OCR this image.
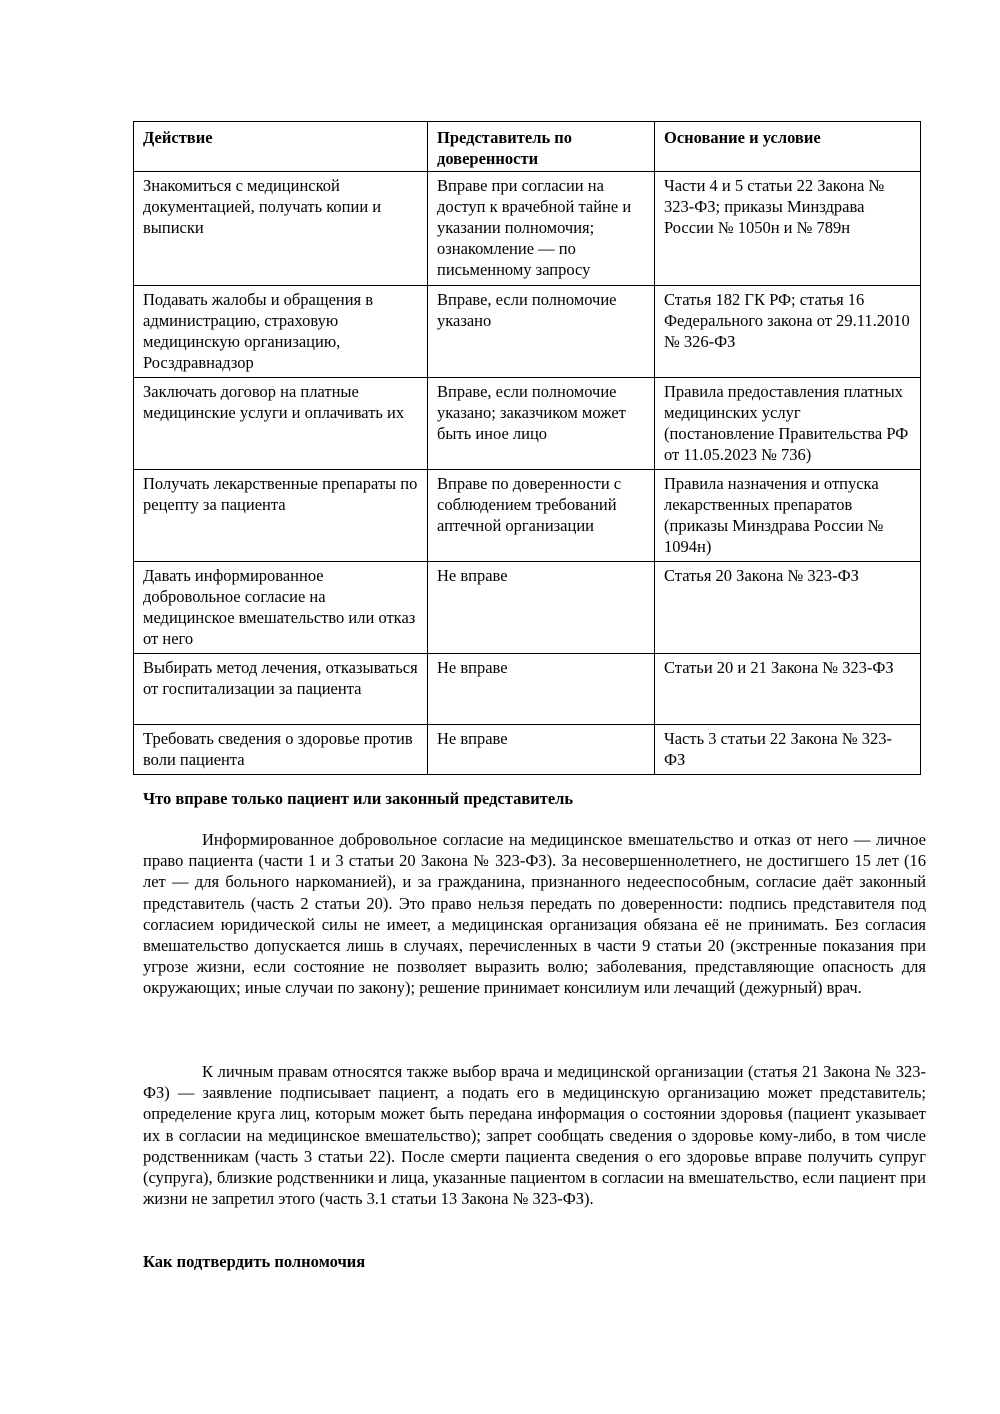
Действие	Представитель по доверенности	Основание и условие
Знакомиться с медицинской документацией, получать копии и выписки	Вправе при согласии на доступ к врачебной тайне и указании полномочия; ознакомление — по письменному запросу	Части 4 и 5 статьи 22 Закона № 323-ФЗ; приказы Минздрава России № 1050н и № 789н
Подавать жалобы и обращения в администрацию, страховую медицинскую организацию, Росздравнадзор	Вправе, если полномочие указано	Статья 182 ГК РФ; статья 16 Федерального закона от 29.11.2010 № 326-ФЗ
Заключать договор на платные медицинские услуги и оплачивать их	Вправе, если полномочие указано; заказчиком может быть иное лицо	Правила предоставления платных медицинских услуг (постановление Правительства РФ от 11.05.2023 № 736)
Получать лекарственные препараты по рецепту за пациента	Вправе по доверенности с соблюдением требований аптечной организации	Правила назначения и отпуска лекарственных препаратов (приказы Минздрава России № 1094н)
Давать информированное добровольное согласие на медицинское вмешательство или отказ от него	Не вправе	Статья 20 Закона № 323-ФЗ
Выбирать метод лечения, отказываться от госпитализации за пациента	Не вправе	Статьи 20 и 21 Закона № 323-ФЗ
Требовать сведения о здоровье против воли пациента	Не вправе	Часть 3 статьи 22 Закона № 323-ФЗ
Что вправе только пациент или законный представитель

Информированное добровольное согласие на медицинское вмешательство и отказ от него — личное право пациента (части 1 и 3 статьи 20 Закона № 323-ФЗ). За несовершеннолетнего, не достигшего 15 лет (16 лет — для больного наркоманией), и за гражданина, признанного недееспособным, согласие даёт законный представитель (часть 2 статьи 20). Это право нельзя передать по доверенности: подпись представителя под согласием юридической силы не имеет, а медицинская организация обязана её не принимать. Без согласия вмешательство допускается лишь в случаях, перечисленных в части 9 статьи 20 (экстренные показания при угрозе жизни, если состояние не позволяет выразить волю; заболевания, представляющие опасность для окружающих; иные случаи по закону); решение принимает консилиум или лечащий (дежурный) врач.

К личным правам относятся также выбор врача и медицинской организации (статья 21 Закона № 323-ФЗ) — заявление подписывает пациент, а подать его в медицинскую организацию может представитель; определение круга лиц, которым может быть передана информация о состоянии здоровья (пациент указывает их в согласии на медицинское вмешательство); запрет сообщать сведения о здоровье кому-либо, в том числе родственникам (часть 3 статьи 22). После смерти пациента сведения о его здоровье вправе получить супруг (супруга), близкие родственники и лица, указанные пациентом в согласии на вмешательство, если пациент при жизни не запретил этого (часть 3.1 статьи 13 Закона № 323-ФЗ).

Как подтвердить полномочия
